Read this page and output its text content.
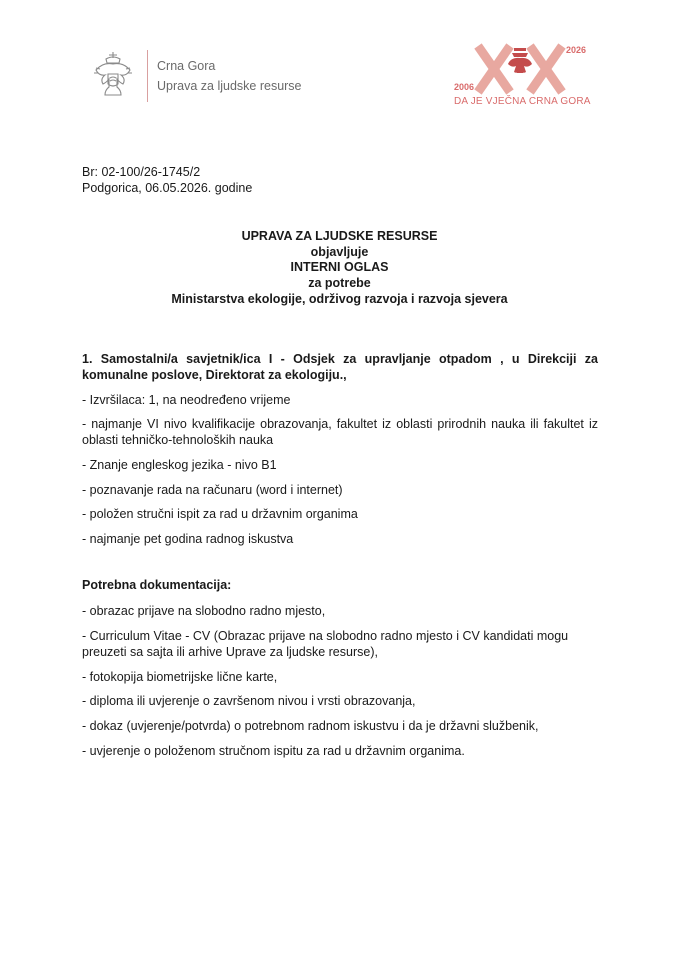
Crna Gora
Uprava za ljudske resurse	2006
2026
DA JE VJEČNA CRNA GORA
Br: 02-100/26-1745/2
Podgorica, 06.05.2026. godine
UPRAVA ZA LJUDSKE RESURSE
objavljuje
INTERNI OGLAS
za potrebe
Ministarstva ekologije, održivog razvoja i razvoja sjevera
1. Samostalni/a savjetnik/ica I - Odsjek za upravljanje otpadom , u Direkciji za komunalne poslove, Direktorat za ekologiju.,
- Izvršilaca: 1, na neodređeno vrijeme
- najmanje VI nivo kvalifikacije obrazovanja, fakultet iz oblasti prirodnih nauka ili fakultet iz oblasti tehničko-tehnoloških nauka
- Znanje engleskog jezika - nivo B1
- poznavanje rada na računaru (word i internet)
- položen stručni ispit za rad u državnim organima
- najmanje pet godina radnog iskustva
Potrebna dokumentacija:
- obrazac prijave na slobodno radno mjesto,
- Curriculum Vitae - CV (Obrazac prijave na slobodno radno mjesto i CV kandidati mogu preuzeti sa sajta ili arhive Uprave za ljudske resurse),
- fotokopija biometrijske lične karte,
- diploma ili uvjerenje o završenom nivou i vrsti obrazovanja,
- dokaz (uvjerenje/potvrda) o potrebnom radnom iskustvu i da je državni službenik,
- uvjerenje o položenom stručnom ispitu za rad u državnim organima.
